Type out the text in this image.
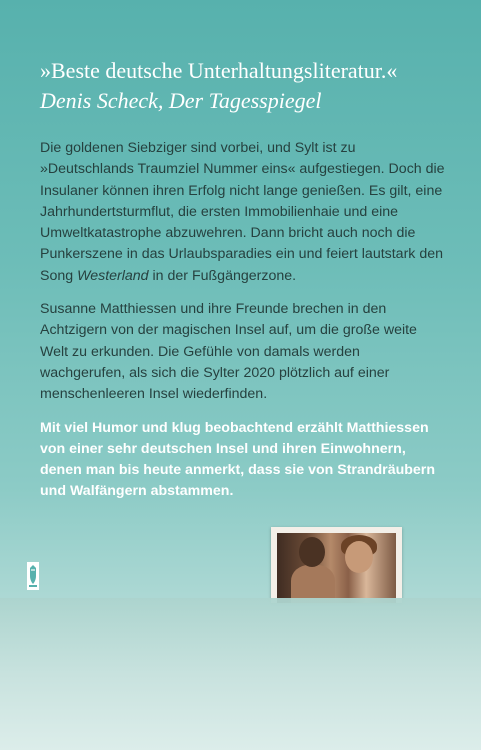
»Beste deutsche Unterhaltungsliteratur.«
Denis Scheck, Der Tagesspiegel

Die goldenen Siebziger sind vorbei, und Sylt ist zu »Deutschlands Traumziel Nummer eins« aufgestiegen. Doch die Insulaner können ihren Erfolg nicht lange genießen. Es gilt, eine Jahrhundertsturmflut, die ersten Immobilienhaie und eine Umweltkatastrophe abzuwehren. Dann bricht auch noch die Punkerszene in das Urlaubsparadies ein und feiert lautstark den Song Westerland in der Fußgängerzone.

Susanne Matthiessen und ihre Freunde brechen in den Achtzigern von der magischen Insel auf, um die große weite Welt zu erkunden. Die Gefühle von damals werden wachgerufen, als sich die Sylter 2020 plötzlich auf einer menschenleeren Insel wiederfinden.

Mit viel Humor und klug beobachtend erzählt Matthiessen von einer sehr deutschen Insel und ihren Einwohnern, denen man bis heute anmerkt, dass sie von Strandräubern und Walfängern abstammen.
